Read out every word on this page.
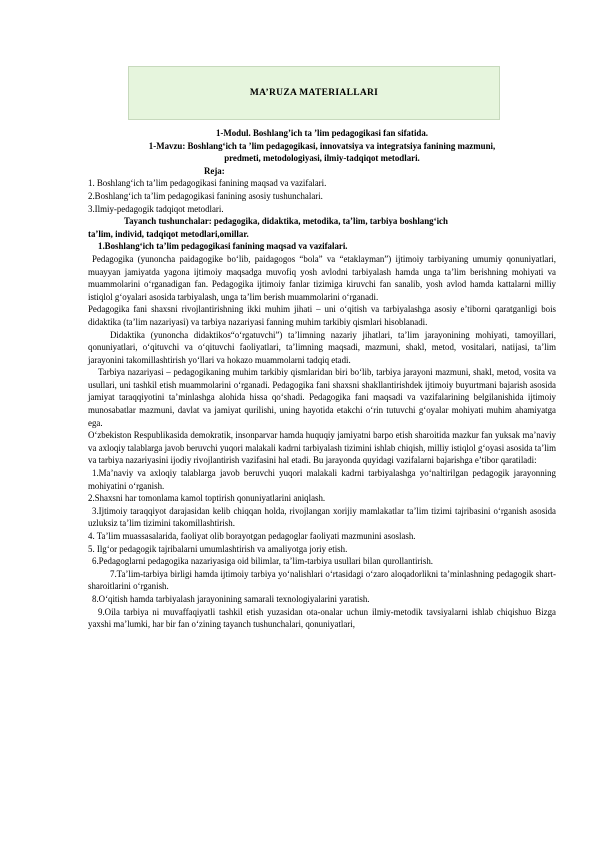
MA’RUZA MATERIALLARI

1-Modul. Boshlang’ich ta ’lim pedagogikasi fan sifatida.

1-Mavzu: Boshlang‘ich ta ’lim pedagogikasi, innovatsiya va integratsiya fanining mazmuni,

predmeti, metodologiyasi, ilmiy-tadqiqot metodlari.

Reja:

1. Boshlang‘ich ta’lim pedagogikasi fanining maqsad va vazifalari.

2.Boshlang‘ich ta’lim pedagogikasi fanining asosiy tushunchalari.

3.Ilmiy-pedagogik tadqiqot metodlari.

Tayanch tushunchalar: pedagogika, didaktika, metodika, ta’lim, tarbiya boshlang‘ich

ta’lim, individ, tadqiqot metodlari,omillar.

1.Boshlang‘ich ta’lim pedagogikasi fanining maqsad va vazifalari.

Pedagogika (yunoncha paidagogike bo‘lib, paidagogos “bola” va “etaklayman”) ijtimoiy tarbiyaning umumiy qonuniyatlari, muayyan jamiyatda yagona ijtimoiy maqsadga muvofiq yosh avlodni tarbiyalash hamda unga ta’lim berishning mohiyati va muammolarini o‘rganadigan fan. Pedagogika ijtimoiy fanlar tizimiga kiruvchi fan sanalib, yosh avlod hamda kattalarni milliy istiqlol g‘oyalari asosida tarbiyalash, unga ta’lim berish muammolarini o‘rganadi.

Pedagogika fani shaxsni rivojlantirishning ikki muhim jihati – uni o‘qitish va tarbiyalashga asosiy e’tiborni qaratganligi bois didaktika (ta’lim nazariyasi) va tarbiya nazariyasi fanning muhim tarkibiy qismlari hisoblanadi.

Didaktika (yunoncha didaktikos“o‘rgatuvchi”) ta’limning nazariy jihatlari, ta’lim jarayonining mohiyati, tamoyillari, qonuniyatlari, o‘qituvchi va o‘qituvchi faoliyatlari, ta’limning maqsadi, mazmuni, shakl, metod, vositalari, natijasi, ta’lim jarayonini takomillashtirish yo‘llari va hokazo muammolarni tadqiq etadi.

Tarbiya nazariyasi – pedagogikaning muhim tarkibiy qismlaridan biri bo‘lib, tarbiya jarayoni mazmuni, shakl, metod, vosita va usullari, uni tashkil etish muammolarini o‘rganadi. Pedagogika fani shaxsni shakllantirishdek ijtimoiy buyurtmani bajarish asosida jamiyat taraqqiyotini ta’minlashga alohida hissa qo‘shadi. Pedagogika fani maqsadi va vazifalarining belgilanishida ijtimoiy munosabatlar mazmuni, davlat va jamiyat qurilishi, uning hayotida etakchi o‘rin tutuvchi g‘oyalar mohiyati muhim ahamiyatga ega.

O‘zbekiston Respublikasida demokratik, insonparvar hamda huquqiy jamiyatni barpo etish sharoitida mazkur fan yuksak ma’naviy va axloqiy talablarga javob beruvchi yuqori malakali kadrni tarbiyalash tizimini ishlab chiqish, milliy istiqlol g‘oyasi asosida ta’lim va tarbiya nazariyasini ijodiy rivojlantirish vazifasini hal etadi. Bu jarayonda quyidagi vazifalarni bajarishga e’tibor qaratiladi:

1.Ma’naviy va axloqiy talablarga javob beruvchi yuqori malakali kadrni tarbiyalashga yo‘naltirilgan pedagogik jarayonning mohiyatini o‘rganish.

2.Shaxsni har tomonlama kamol toptirish qonuniyatlarini aniqlash.

3.Ijtimoiy taraqqiyot darajasidan kelib chiqqan holda, rivojlangan xorijiy mamlakatlar ta’lim tizimi tajribasini o‘rganish asosida uzluksiz ta’lim tizimini takomillashtirish.

4. Ta’lim muassasalarida, faoliyat olib borayotgan pedagoglar faoliyati mazmunini asoslash.

5. Ilg‘or pedagogik tajribalarni umumlashtirish va amaliyotga joriy etish.

6.Pedagoglarni pedagogika nazariyasiga oid bilimlar, ta’lim-tarbiya usullari bilan qurollantirish.

7.Ta’lim-tarbiya birligi hamda ijtimoiy tarbiya yo‘nalishlari o‘rtasidagi o‘zaro aloqadorlikni ta’minlashning pedagogik shart-sharoitlarini o‘rganish.

8.O‘qitish hamda tarbiyalash jarayonining samarali texnologiyalarini yaratish.

9.Oila tarbiya ni muvaffaqiyatli tashkil etish yuzasidan ota-onalar uchun ilmiy-metodik tavsiyalarni ishlab chiqishuo Bizga yaxshi ma’lumki, har bir fan o‘zining tayanch tushunchalari, qonuniyatlari,
